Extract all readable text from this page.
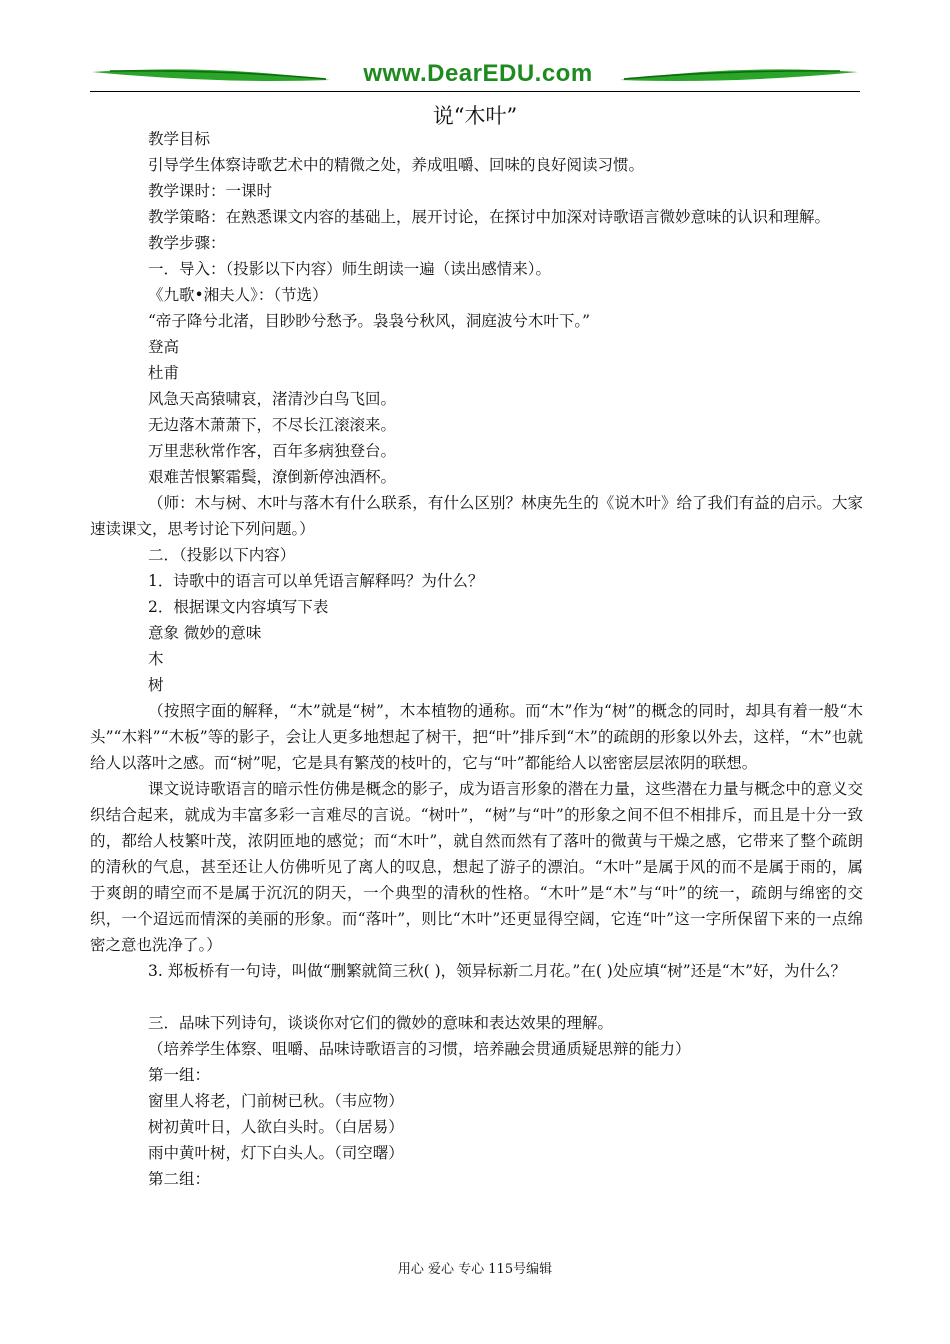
www.DearEDU.com
说“木叶”
教学目标
引导学生体察诗歌艺术中的精微之处，养成咀嚼、回味的良好阅读习惯。
教学课时：一课时
教学策略：在熟悉课文内容的基础上，展开讨论，在探讨中加深对诗歌语言微妙意味的认识和理解。
教学步骤：
一．导入：（投影以下内容）师生朗读一遍（读出感情来）。
《九歌•湘夫人》：（节选）
“帝子降兮北渚，目眇眇兮愁予。袅袅兮秋风，洞庭波兮木叶下。”
登高
杜甫
风急天高猿啸哀，渚清沙白鸟飞回。
无边落木萧萧下，不尽长江滚滚来。
万里悲秋常作客，百年多病独登台。
艰难苦恨繁霜鬓，潦倒新停浊酒杯。
（师：木与树、木叶与落木有什么联系，有什么区别？林庚先生的《说木叶》给了我们有益的启示。大家速读课文，思考讨论下列问题。）
二．（投影以下内容）
1．诗歌中的语言可以单凭语言解释吗？为什么？
2．根据课文内容填写下表
意象 微妙的意味
木
树
（按照字面的解释，“木”就是“树”，木本植物的通称。而“木”作为“树”的概念的同时，却具有着一般“木头”“木料”“木板”等的影子，会让人更多地想起了树干，把“叶”排斥到“木”的疏朗的形象以外去，这样，“木”也就给人以落叶之感。而“树”呢，它是具有繁茂的枝叶的，它与“叶”都能给人以密密层层浓阴的联想。
课文说诗歌语言的暗示性仿佛是概念的影子，成为语言形象的潜在力量，这些潜在力量与概念中的意义交织结合起来，就成为丰富多彩一言难尽的言说。“树叶”，“树”与“叶”的形象之间不但不相排斥，而且是十分一致的，都给人枝繁叶茂，浓阴匝地的感觉；而“木叶”，就自然而然有了落叶的微黄与干燥之感，它带来了整个疏朗的清秋的气息，甚至还让人仿佛听见了离人的叹息，想起了游子的漂泊。“木叶”是属于风的而不是属于雨的，属于爽朗的晴空而不是属于沉沉的阴天，一个典型的清秋的性格。“木叶”是“木”与“叶”的统一，疏朗与绵密的交织，一个迢远而情深的美丽的形象。而“落叶”，则比“木叶”还更显得空阔，它连“叶”这一字所保留下来的一点绵密之意也洗净了。）
3. 郑板桥有一句诗，叫做“删繁就简三秋( )，领异标新二月花。”在( )处应填“树”还是“木”好，为什么？
三．品味下列诗句，谈谈你对它们的微妙的意味和表达效果的理解。
（培养学生体察、咀嚼、品味诗歌语言的习惯，培养融会贯通质疑思辩的能力）
第一组：
窗里人将老，门前树已秋。（韦应物）
树初黄叶日，人欲白头时。（白居易）
雨中黄叶树，灯下白头人。（司空曙）
第二组：
用心 爱心 专心 115号编辑
